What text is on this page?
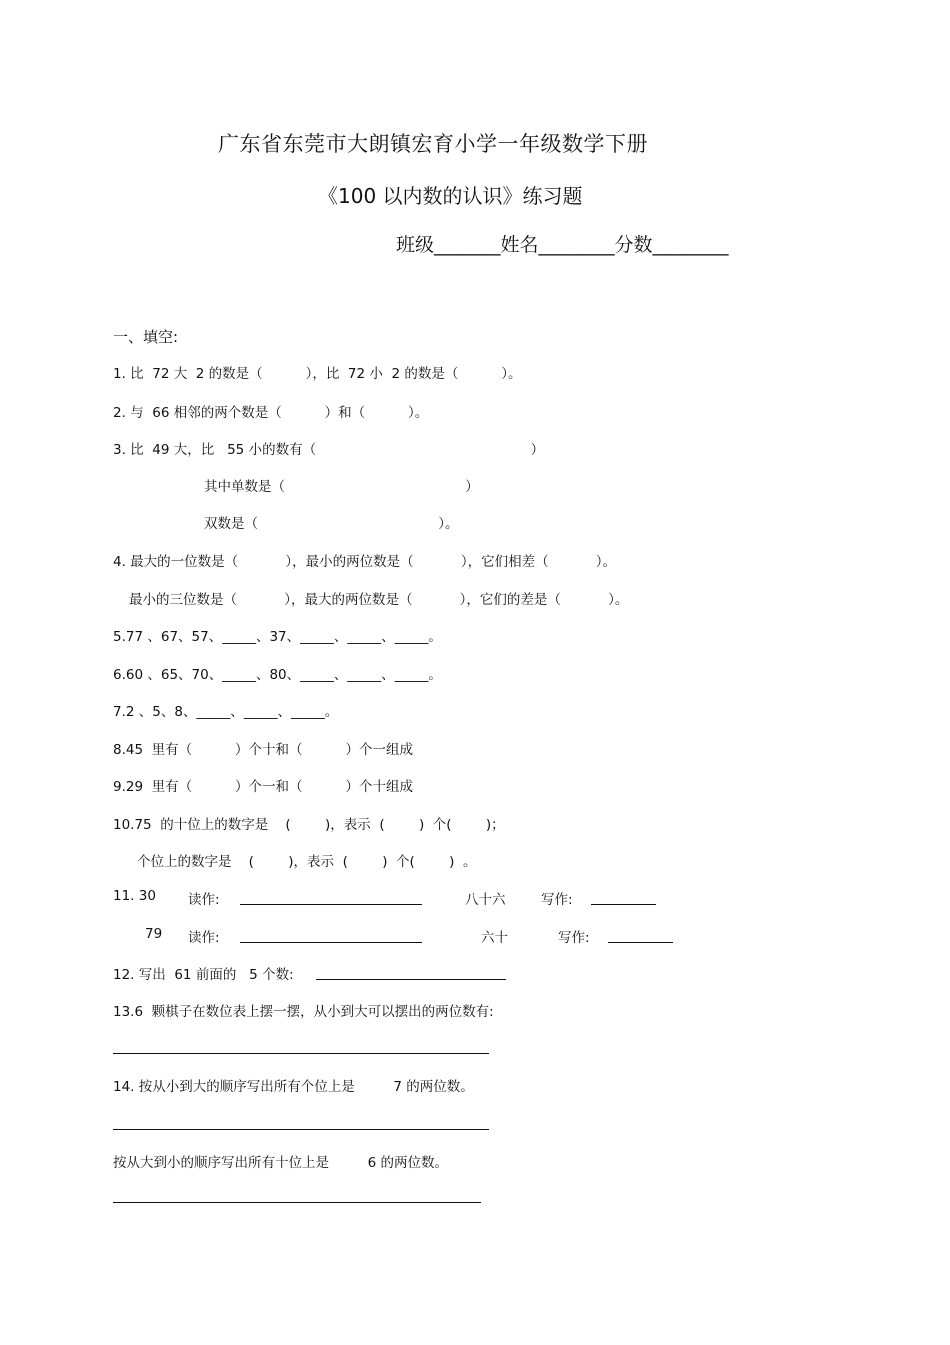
广东省东莞市大朗镇宏育小学一年级数学下册
《100 以内数的认识》练习题
班级_______姓名________分数________
一、填空:
1. 比  72 大  2 的数是（          ），比  72 小  2 的数是（          ）。
2. 与  66 相邻的两个数是（          ）和（          ）。
3. 比  49 大，比   55 小的数有（                                                  ）
其中单数是（                                          ）
双数是（                                          ）。
4. 最大的一位数是（           ），最小的两位数是（           ），它们相差（           ）。
最小的三位数是（           ），最大的两位数是（           ），它们的差是（           ）。
5.77 、67、57、_____、37、_____、_____、_____。
6.60 、65、70、_____、80、_____、_____、_____。
7.2 、5、8、_____、_____、_____。
8.45  里有（          ）个十和（          ）个一组成
9.29  里有（          ）个一和（          ）个十组成
10.75  的十位上的数字是    (        )，表示  (        )  个(        )；
个位上的数字是    (        )，表示  (        )  个(        )  。
11. 30 读作:	八十六	写作:
79 读作:	六十	写作:
12. 写出  61 前面的   5 个数:
13.6  颗棋子在数位表上摆一摆，从小到大可以摆出的两位数有:
14. 按从小到大的顺序写出所有个位上是         7 的两位数。
按从大到小的顺序写出所有十位上是         6 的两位数。
